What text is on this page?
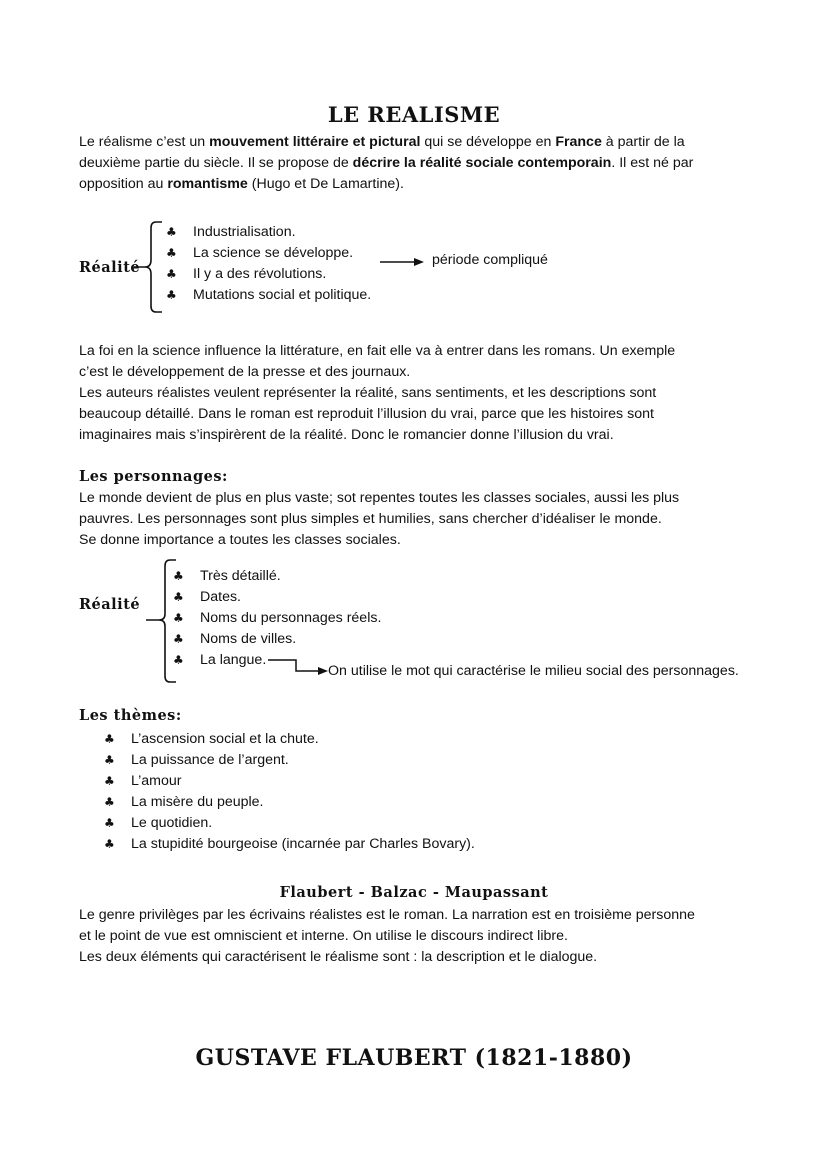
LE REALISME
Le réalisme c’est un mouvement littéraire et pictural qui se développe en France à partir de la
deuxième partie du siècle. Il se propose de décrire la réalité sociale contemporain. Il est né par
opposition au romantisme (Hugo et De Lamartine).
Réalité
♣ Industrialisation.
♣ La science se développe.
♣ Il y a des révolutions.
♣ Mutations social et politique.
période compliqué
La foi en la science influence la littérature, en fait elle va à entrer dans les romans. Un exemple
c’est le développement de la presse et des journaux.
Les auteurs réalistes veulent représenter la réalité, sans sentiments, et les descriptions sont
beaucoup détaillé. Dans le roman est reproduit l’illusion du vrai, parce que les histoires sont
imaginaires mais s’inspirèrent de la réalité. Donc le romancier donne l’illusion du vrai.
Les personnages:
Le monde devient de plus en plus vaste; sot repentes toutes les classes sociales, aussi les plus
pauvres. Les personnages sont plus simples et humilies, sans chercher d’idéaliser le monde.
Se donne importance a toutes les classes sociales.
Réalité
♣ Très détaillé.
♣ Dates.
♣ Noms du personnages réels.
♣ Noms de villes.
♣ La langue.
On utilise le mot qui caractérise le milieu social des personnages.
Les thèmes:
♣ L’ascension social et la chute.
♣ La puissance de l’argent.
♣ L’amour
♣ La misère du peuple.
♣ Le quotidien.
♣ La stupidité bourgeoise (incarnée par Charles Bovary).
Flaubert - Balzac - Maupassant
Le genre privilèges par les écrivains réalistes est le roman. La narration est en troisième personne
et le point de vue est omniscient et interne. On utilise le discours indirect libre.
Les deux éléments qui caractérisent le réalisme sont : la description et le dialogue.
GUSTAVE FLAUBERT (1821-1880)
